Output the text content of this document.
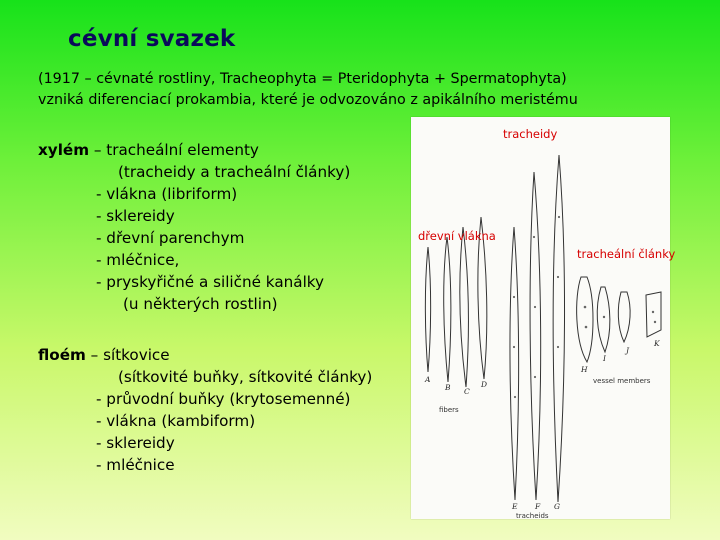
cévní svazek
(1917 – cévnaté rostliny, Tracheophyta = Pteridophyta + Spermatophyta)
vzniká diferenciací prokambia, které je odvozováno z apikálního meristému
xylém – tracheální elementy
(tracheidy a tracheální články)
- vlákna (libriform)
- sklereidy
- dřevní parenchym
- mléčnice,
- pryskyřičné a siličné kanálky
(u některých rostlin)
floém – sítkovice
(sítkovité buňky, sítkovité články)
- průvodní buňky (krytosemenné)
- vlákna (kambiform)
- sklereidy
- mléčnice
A
B C
D
E F G
H
I
J
K
fibers
vessel members
tracheids
tracheidy
dřevní vlákna
tracheální články
